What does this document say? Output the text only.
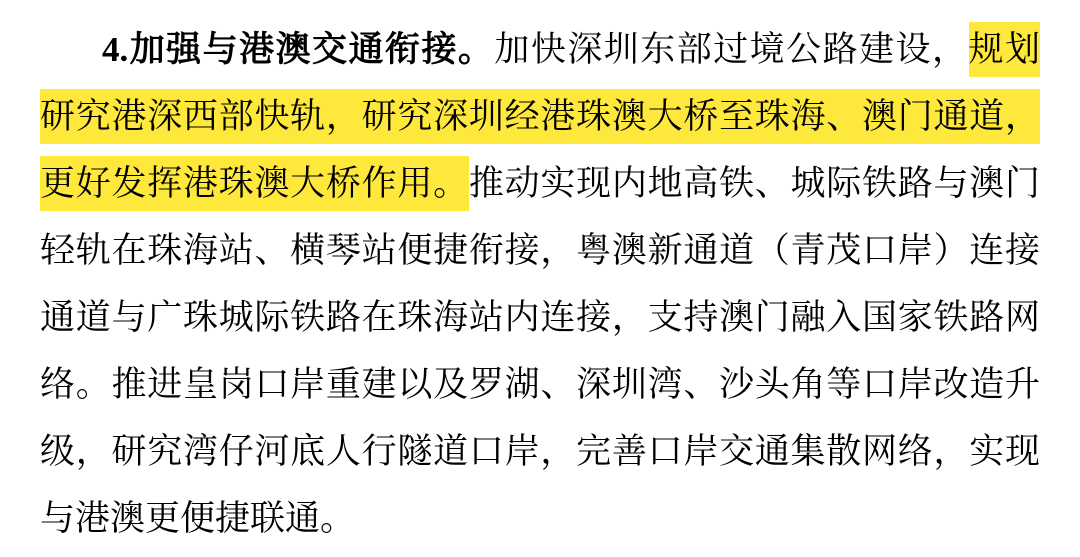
4.加强与港澳交通衔接。加快深圳东部过境公路建设，规划
研究港深西部快轨，研究深圳经港珠澳大桥至珠海、澳门通道，
更好发挥港珠澳大桥作用。推动实现内地高铁、城际铁路与澳门
轻轨在珠海站、横琴站便捷衔接，粤澳新通道（青茂口岸）连接
通道与广珠城际铁路在珠海站内连接，支持澳门融入国家铁路网
络。推进皇岗口岸重建以及罗湖、深圳湾、沙头角等口岸改造升
级，研究湾仔河底人行隧道口岸，完善口岸交通集散网络，实现
与港澳更便捷联通。
